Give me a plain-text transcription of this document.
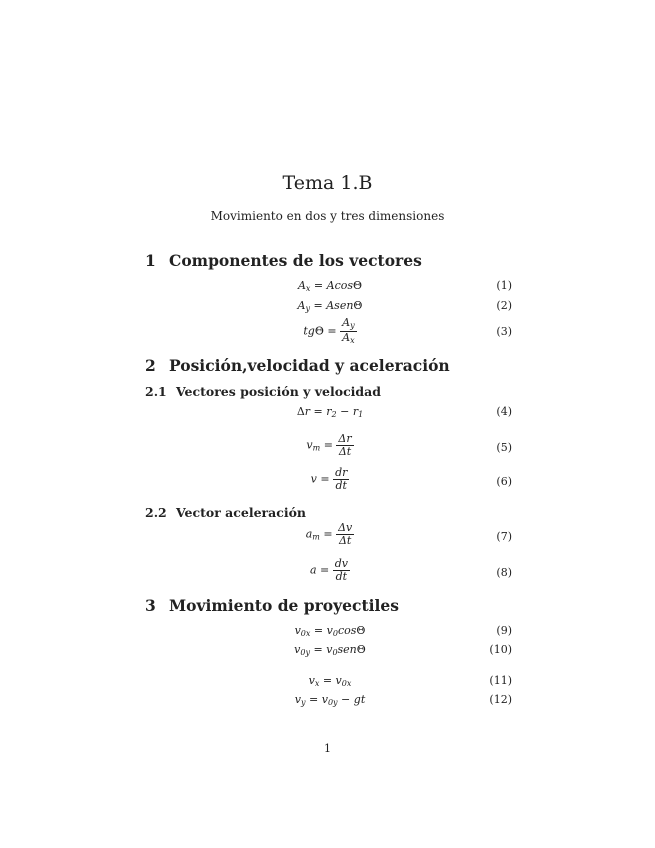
Tema 1.B
Movimiento en dos y tres dimensiones
1 Componentes de los vectores
$A_x = Acos\Theta$	(1)
$A_y$ = AsenΘ	(2)
$tg\Theta = \frac{A_y}{A_x}$	(3)
2 Posición,velocidad y aceleración
2.1 Vectores posición y velocidad
$\Delta r = r_2 - r_1$	(4)
$v_m = \frac{\Delta r}{\Delta t}$	(5)
$v = \frac{dr}{dt}$	(6)
2.2 Vector aceleración
$a_m = \frac{\Delta v}{\Delta t}$	(7)
$a = \frac{dv}{dt}$	(8)
3 Movimiento de proyectiles
$v_{0x} = v_0\cos\Theta$	(9)
$v_{0y} = v_0sen\Theta$	(10)
$v_x = v_{0x}$	(11)
$v_y = v_{0y}$ − gt	(12)
1
